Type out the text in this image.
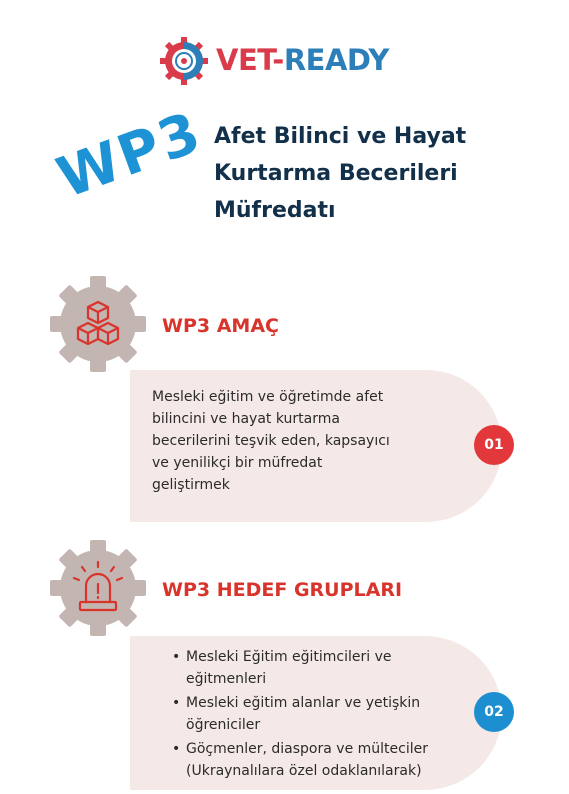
VET-READY
WP3 Afet Bilinci ve Hayat
Kurtarma Becerileri
Müfredatı
WP3 AMAÇ
Mesleki eğitim ve öğretimde afet
bilincini ve hayat kurtarma
becerilerini teşvik eden, kapsayıcı
ve yenilikçi bir müfredat
geliştirmek
01
WP3 HEDEF GRUPLARI
• Mesleki Eğitim eğitimcileri ve
eğitmenleri
• Mesleki eğitim alanlar ve yetişkin
öğreniciler
• Göçmenler, diaspora ve mülteciler
(Ukraynalılara özel odaklanılarak)
02
